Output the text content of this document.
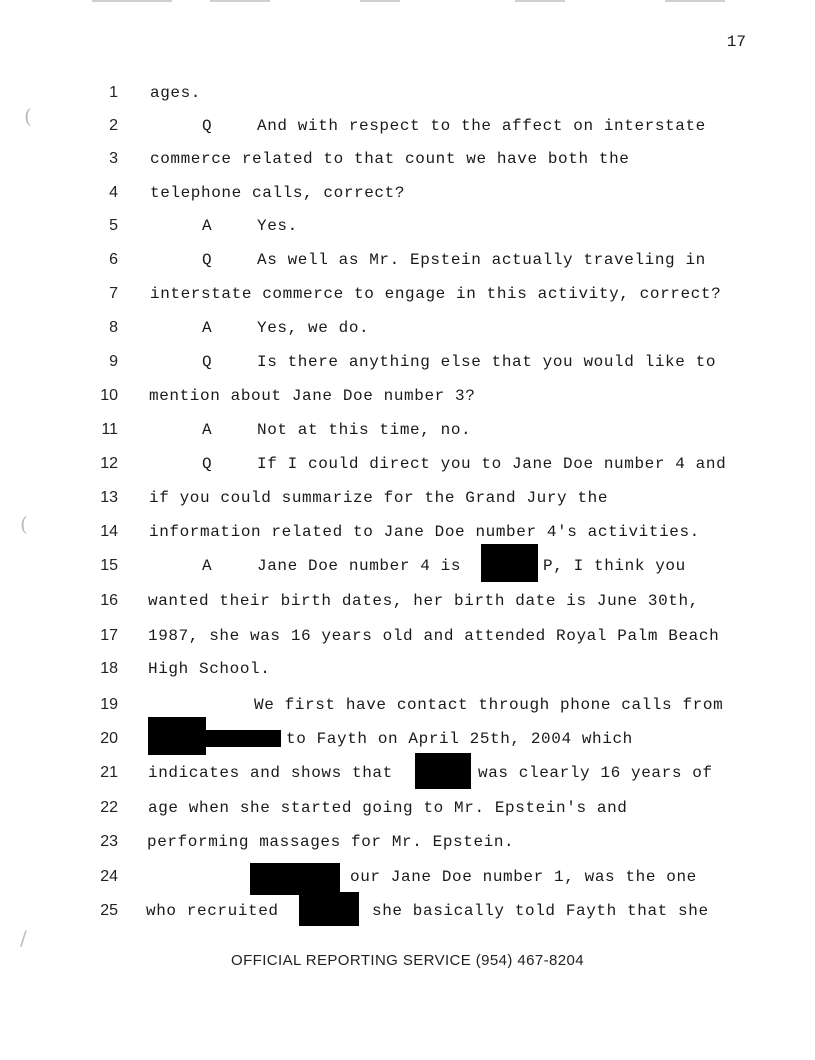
(
(
/
17
1 ages.
2	Q	And with respect to the affect on interstate
3 commerce related to that count we have both the
4 telephone calls, correct?
5	A	Yes.
6	Q	As well as Mr. Epstein actually traveling in
7 interstate commerce to engage in this activity, correct?
8	A	Yes, we do.
9	Q	Is there anything else that you would like to
10 mention about Jane Doe number 3?
11	A	Not at this time, no.
12	Q	If I could direct you to Jane Doe number 4 and
13 if you could summarize for the Grand Jury the
14 information related to Jane Doe number 4's activities.
15	A	Jane Doe number 4 is	P, I think you
16 wanted their birth dates, her birth date is June 30th,
17 1987, she was 16 years old and attended Royal Palm Beach
18 High School.
19	We first have contact through phone calls from
20	to Fayth on April 25th, 2004 which
21 indicates and shows that	was clearly 16 years of
22 age when she started going to Mr. Epstein's and
23 performing massages for Mr. Epstein.
24	our Jane Doe number 1, was the one
25 who recruited	she basically told Fayth that she
OFFICIAL REPORTING SERVICE (954) 467-8204
